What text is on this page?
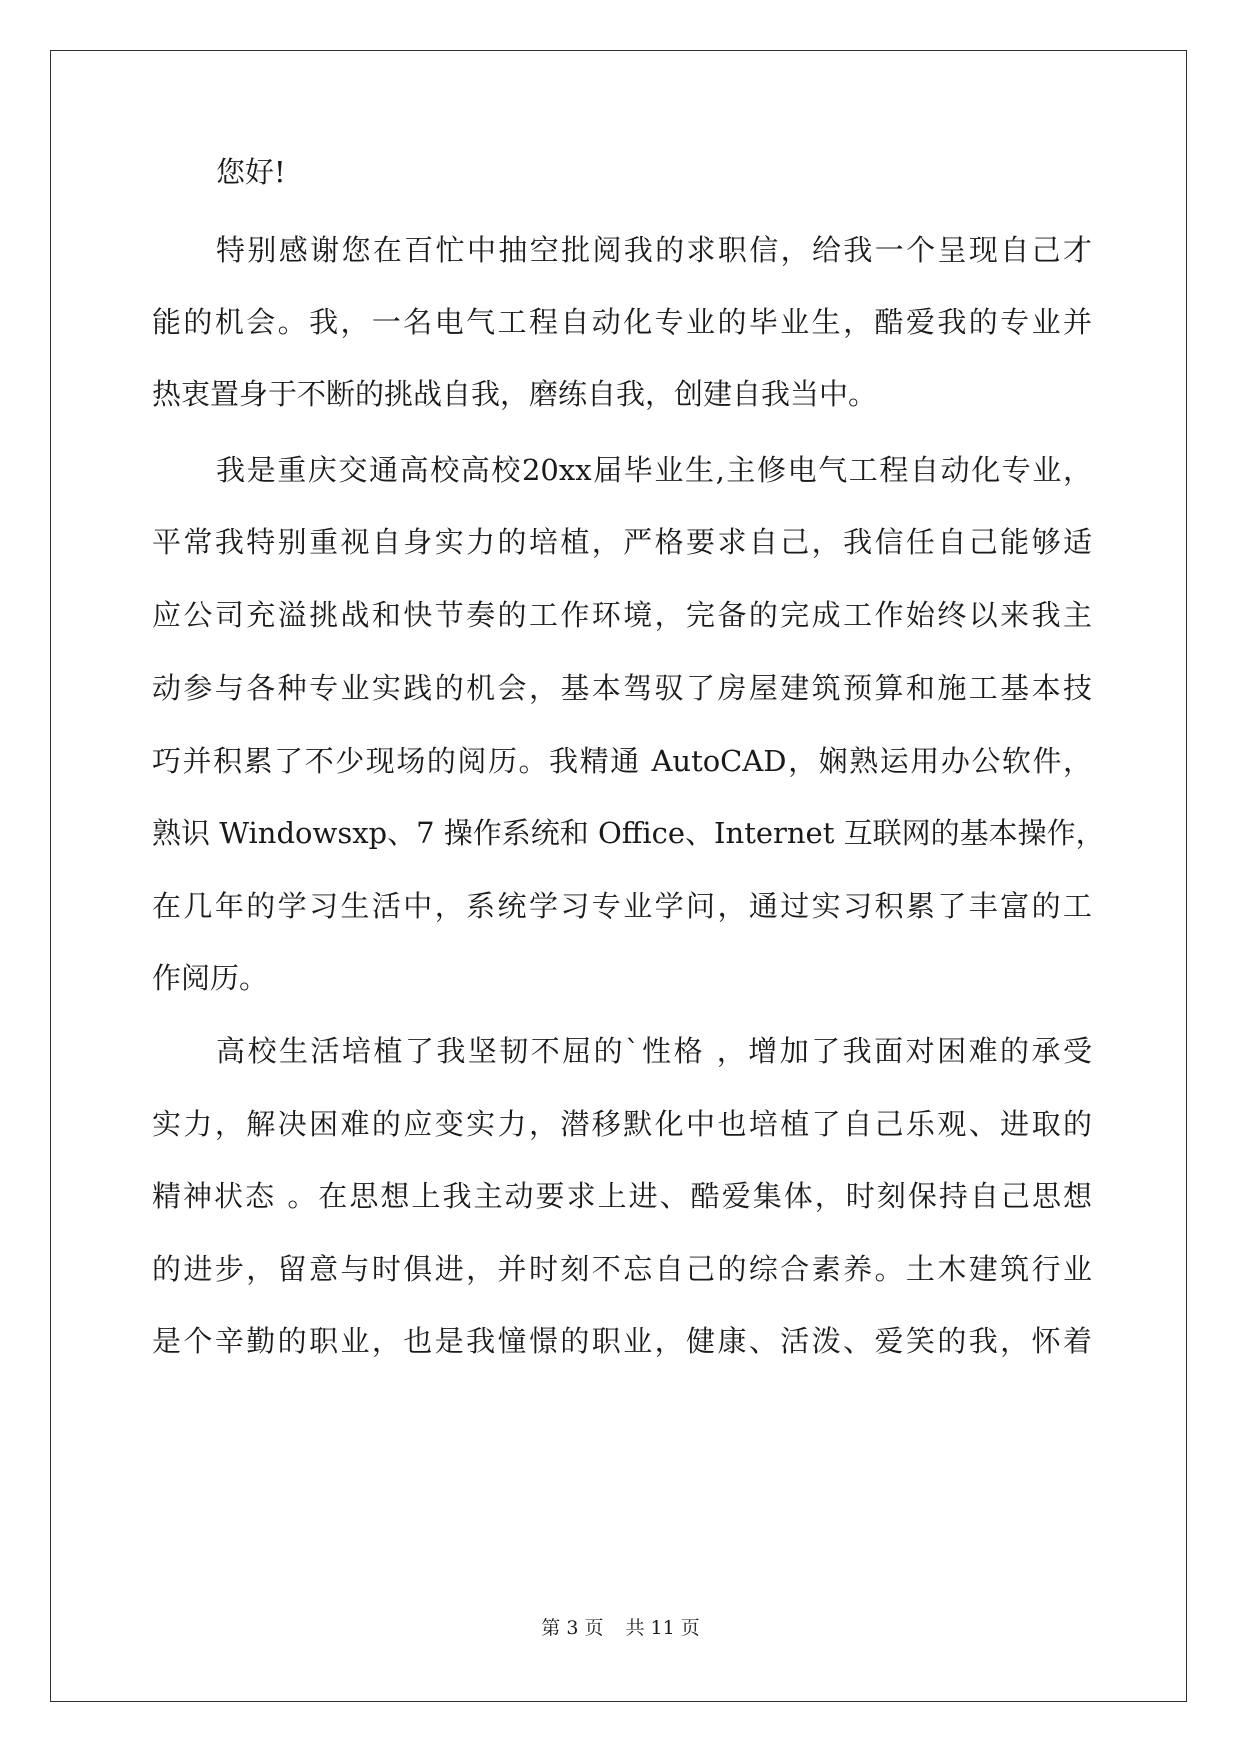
您好!
特别感谢您在百忙中抽空批阅我的求职信，给我一个呈现自己才
能的机会。我，一名电气工程自动化专业的毕业生，酷爱我的专业并
热衷置身于不断的挑战自我，磨练自我，创建自我当中。
我是重庆交通高校高校20xx届毕业生,主修电气工程自动化专业，
平常我特别重视自身实力的培植，严格要求自己，我信任自己能够适
应公司充溢挑战和快节奏的工作环境，完备的完成工作始终以来我主
动参与各种专业实践的机会，基本驾驭了房屋建筑预算和施工基本技
巧并积累了不少现场的阅历。我精通 AutoCAD，娴熟运用办公软件，
熟识 Windowsxp、7 操作系统和 Office、Internet 互联网的基本操作，
在几年的学习生活中，系统学习专业学问，通过实习积累了丰富的工
作阅历。
高校生活培植了我坚韧不屈的`性格 ，增加了我面对困难的承受
实力，解决困难的应变实力，潜移默化中也培植了自己乐观、进取的
精神状态 。在思想上我主动要求上进、酷爱集体，时刻保持自己思想
的进步，留意与时俱进，并时刻不忘自己的综合素养。土木建筑行业
是个辛勤的职业，也是我憧憬的职业，健康、活泼、爱笑的我，怀着
第 3 页 共 11 页
